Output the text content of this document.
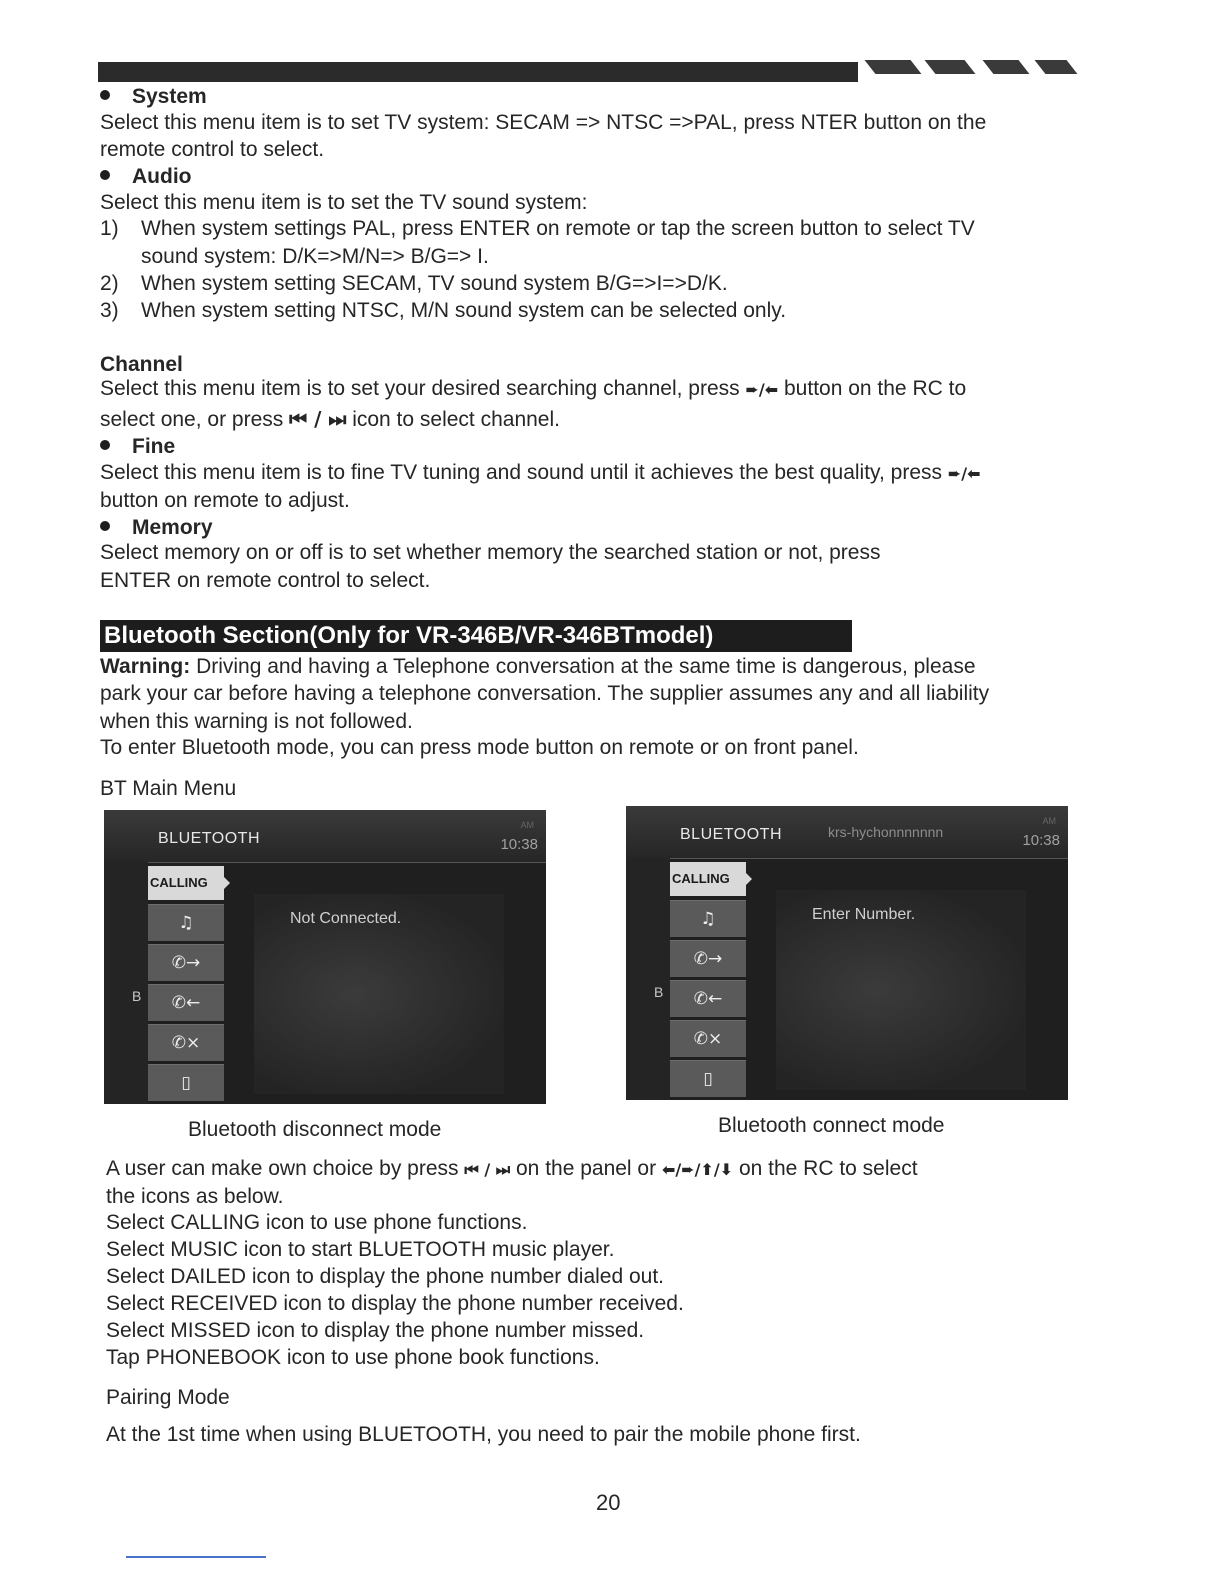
System
Select this menu item is to set TV system: SECAM => NTSC =>PAL, press NTER button on the
remote control to select.
Audio
Select this menu item is to set the TV sound system:
1) When system settings PAL, press ENTER on remote or tap the screen button to select TV
sound system: D/K=>M/N=> B/G=> I.
2) When system setting SECAM, TV sound system B/G=>I=>D/K.
3) When system setting NTSC, M/N sound system can be selected only.
Channel
Select this menu item is to set your desired searching channel, press ➨/⬅ button on the RC to
select one, or press ⏮ / ⏭ icon to select channel.
Fine
Select this menu item is to fine TV tuning and sound until it achieves the best quality, press ➨/⬅
button on remote to adjust.
Memory
Select memory on or off is to set whether memory the searched station or not, press
ENTER on remote control to select.
Bluetooth Section(Only for VR-346B/VR-346BTmodel)
Warning: Driving and having a Telephone conversation at the same time is dangerous, please
park your car before having a telephone conversation. The supplier assumes any and all liability
when this warning is not followed.
To enter Bluetooth mode, you can press mode button on remote or on front panel.
BT Main Menu
BLUETOOTH
AM
10:38
B
CALLING
♫
✆→
✆←
✆×
▯
Not Connected.
Bluetooth disconnect mode
BLUETOOTH	krs-hychonnnnnnn
AM
10:38
B
CALLING
♫
✆→
✆←
✆×
▯
Enter Number.
Bluetooth connect mode
A user can make own choice by press ⏮ / ⏭ on the panel or ⬅/➨/⬆/⬇ on the RC to select
the icons as below.
Select CALLING icon to use phone functions.
Select MUSIC icon to start BLUETOOTH music player.
Select DAILED icon to display the phone number dialed out.
Select RECEIVED icon to display the phone number received.
Select MISSED icon to display the phone number missed.
Tap PHONEBOOK icon to use phone book functions.
Pairing Mode
At the 1st time when using BLUETOOTH, you need to pair the mobile phone first.
20
